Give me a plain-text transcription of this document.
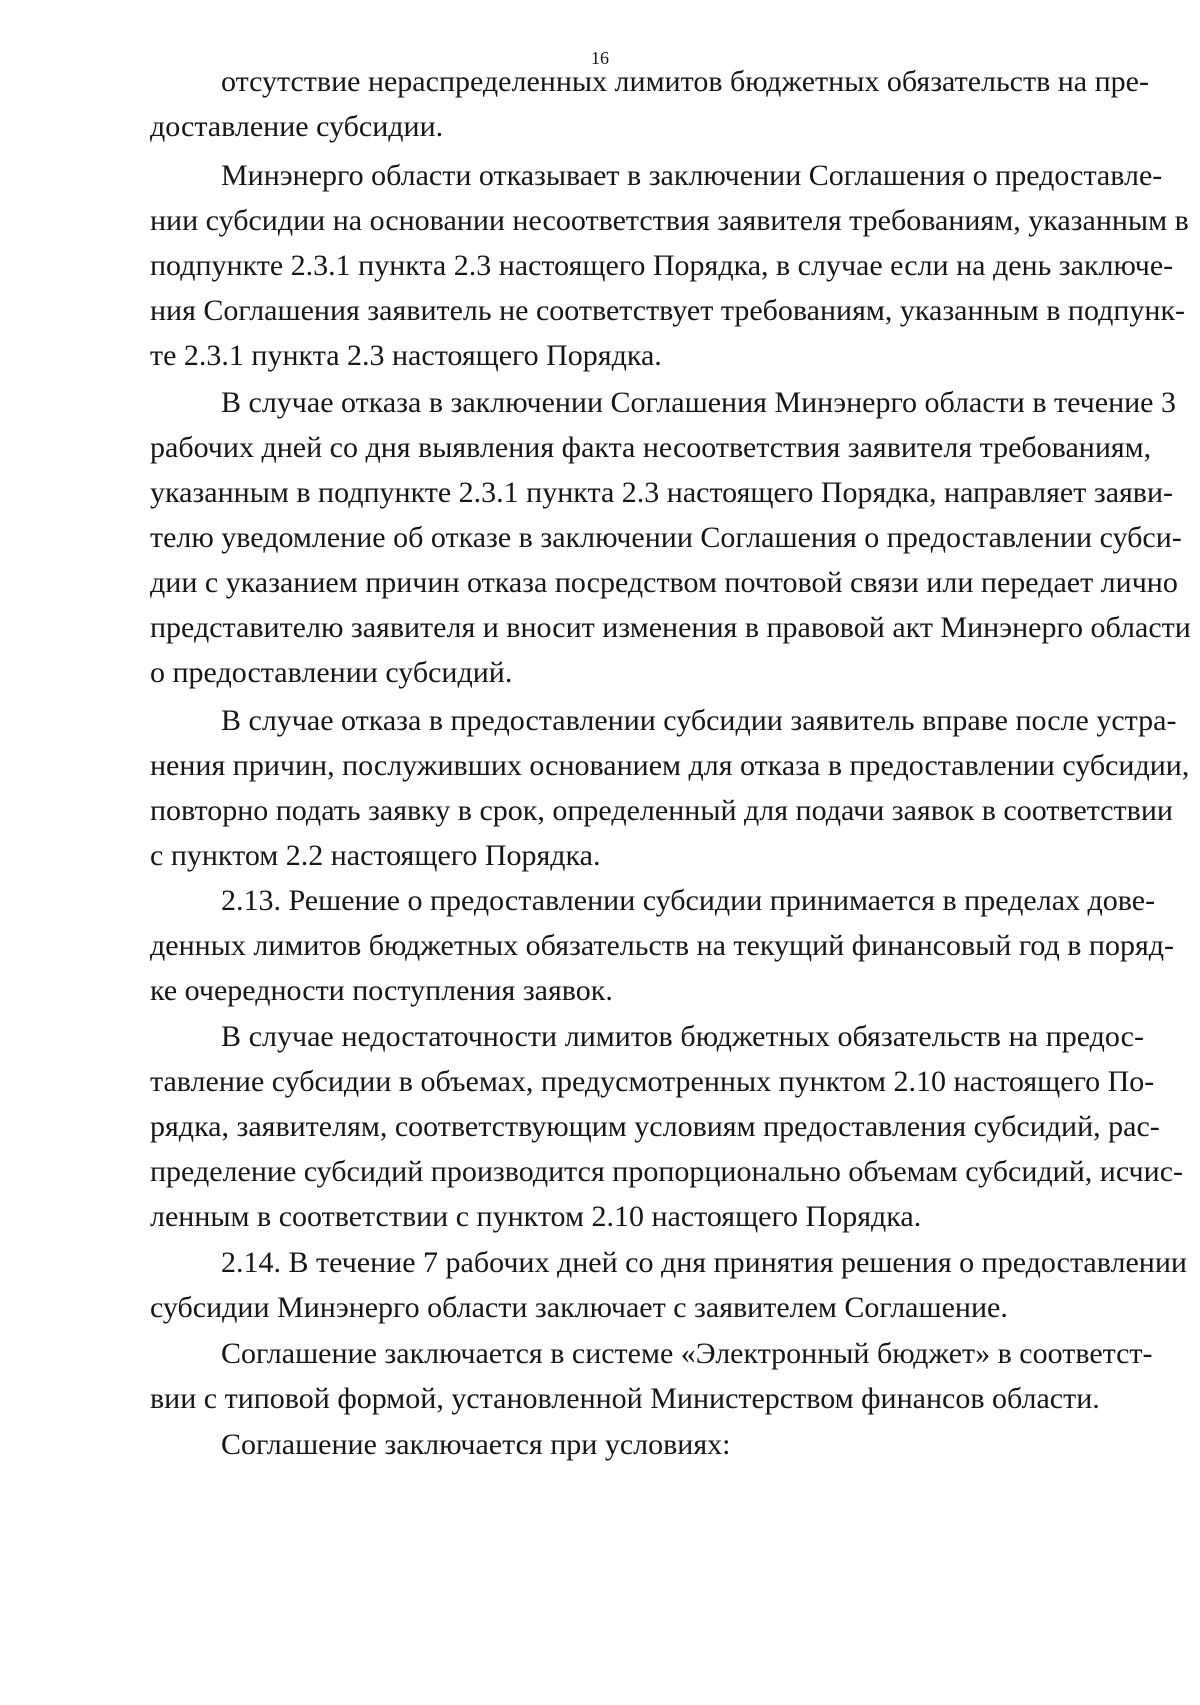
16
отсутствие нераспределенных лимитов бюджетных обязательств на пре-
доставление субсидии.
Минэнерго области отказывает в заключении Соглашения о предоставле-
нии субсидии на основании несоответствия заявителя требованиям, указанным в
подпункте 2.3.1 пункта 2.3 настоящего Порядка, в случае если на день заключе-
ния Соглашения заявитель не соответствует требованиям, указанным в подпунк-
те 2.3.1 пункта 2.3 настоящего Порядка.
В случае отказа в заключении Соглашения Минэнерго области в течение 3
рабочих дней со дня выявления факта несоответствия заявителя требованиям,
указанным в подпункте 2.3.1 пункта 2.3 настоящего Порядка, направляет заяви-
телю уведомление об отказе в заключении Соглашения о предоставлении субси-
дии с указанием причин отказа посредством почтовой связи или передает лично
представителю заявителя и вносит изменения в правовой акт Минэнерго области
о предоставлении субсидий.
В случае отказа в предоставлении субсидии заявитель вправе после устра-
нения причин, послуживших основанием для отказа в предоставлении субсидии,
повторно подать заявку в срок, определенный для подачи заявок в соответствии
с пунктом 2.2 настоящего Порядка.
2.13. Решение о предоставлении субсидии принимается в пределах дове-
денных лимитов бюджетных обязательств на текущий финансовый год в поряд-
ке очередности поступления заявок.
В случае недостаточности лимитов бюджетных обязательств на предос-
тавление субсидии в объемах, предусмотренных пунктом 2.10 настоящего По-
рядка, заявителям, соответствующим условиям предоставления субсидий, рас-
пределение субсидий производится пропорционально объемам субсидий, исчис-
ленным в соответствии с пунктом 2.10 настоящего Порядка.
2.14. В течение 7 рабочих дней со дня принятия решения о предоставлении
субсидии Минэнерго области заключает с заявителем Соглашение.
Соглашение заключается в системе «Электронный бюджет» в соответст-
вии с типовой формой, установленной Министерством финансов области.
Соглашение заключается при условиях:
